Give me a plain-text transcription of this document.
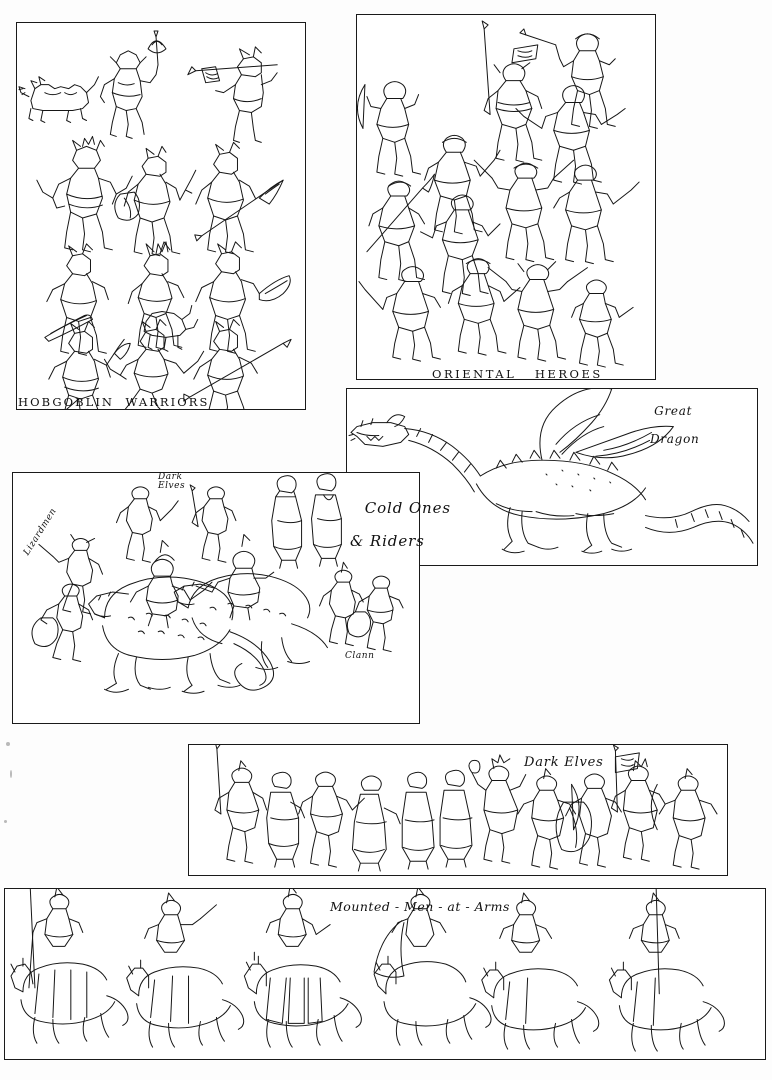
HOBGOBLIN  WARRIORS
ORIENTAL   HEROES

Great

Dragon

Cold Ones

& Riders

Dark
Elves
Lizardmen
Clann
Dark Elves
Mounted - Men - at - Arms
